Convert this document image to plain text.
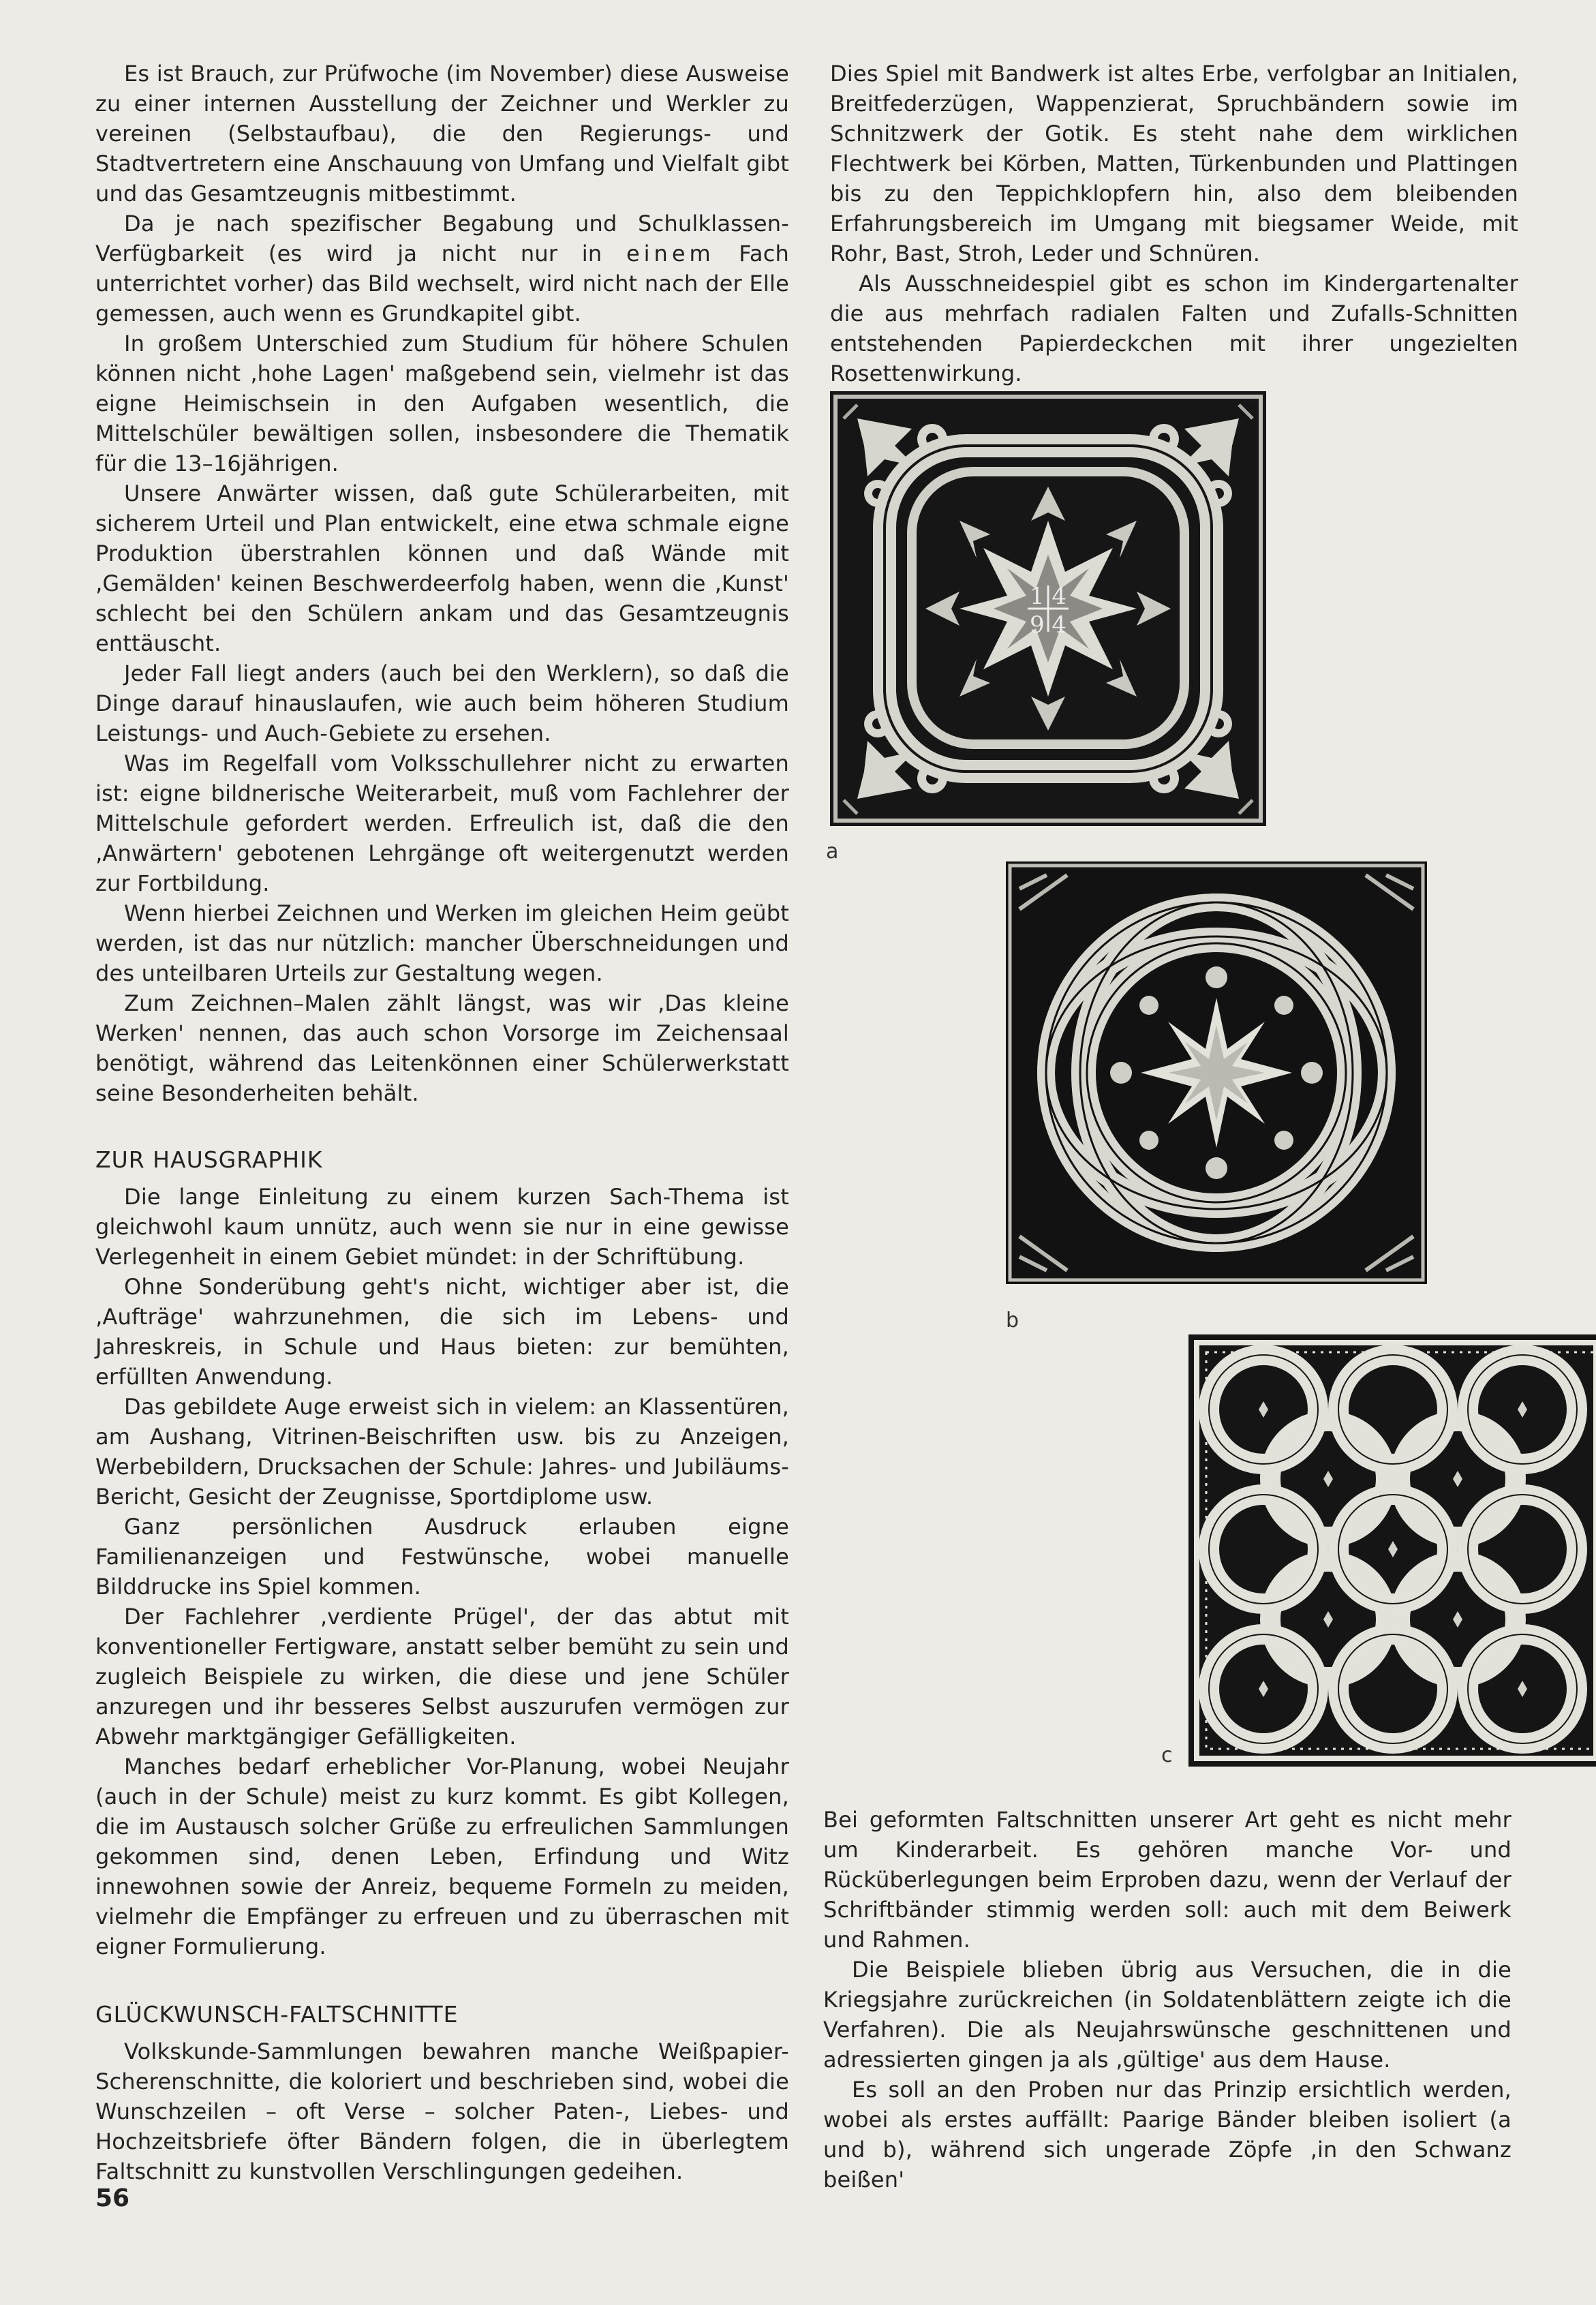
Es ist Brauch, zur Prüfwoche (im November) diese Ausweise zu einer internen Ausstellung der Zeichner und Werkler zu vereinen (Selbstaufbau), die den Regierungs- und Stadtvertretern eine Anschauung von Umfang und Vielfalt gibt und das Gesamtzeugnis mitbestimmt.

Da je nach spezifischer Begabung und Schulklassen-Verfügbarkeit (es wird ja nicht nur in einem Fach unterrichtet vorher) das Bild wechselt, wird nicht nach der Elle gemessen, auch wenn es Grundkapitel gibt.

In großem Unterschied zum Studium für höhere Schulen können nicht ‚hohe Lagen' maßgebend sein, vielmehr ist das eigne Heimischsein in den Aufgaben wesentlich, die Mittelschüler bewältigen sollen, insbesondere die Thematik für die 13–16jährigen.

Unsere Anwärter wissen, daß gute Schülerarbeiten, mit sicherem Urteil und Plan entwickelt, eine etwa schmale eigne Produktion überstrahlen können und daß Wände mit ‚Gemälden' keinen Beschwerdeerfolg haben, wenn die ‚Kunst' schlecht bei den Schülern ankam und das Gesamtzeugnis enttäuscht.

Jeder Fall liegt anders (auch bei den Werklern), so daß die Dinge darauf hinauslaufen, wie auch beim höheren Studium Leistungs- und Auch-Gebiete zu ersehen.

Was im Regelfall vom Volksschullehrer nicht zu erwarten ist: eigne bildnerische Weiterarbeit, muß vom Fachlehrer der Mittelschule gefordert werden. Erfreulich ist, daß die den ‚Anwärtern' gebotenen Lehrgänge oft weitergenutzt werden zur Fortbildung.

Wenn hierbei Zeichnen und Werken im gleichen Heim geübt werden, ist das nur nützlich: mancher Überschneidungen und des unteilbaren Urteils zur Gestaltung wegen.

Zum Zeichnen–Malen zählt längst, was wir ‚Das kleine Werken' nennen, das auch schon Vorsorge im Zeichensaal benötigt, während das Leitenkönnen einer Schülerwerkstatt seine Besonderheiten behält.

ZUR HAUSGRAPHIK

Die lange Einleitung zu einem kurzen Sach-Thema ist gleichwohl kaum unnütz, auch wenn sie nur in eine gewisse Verlegenheit in einem Gebiet mündet: in der Schriftübung.

Ohne Sonderübung geht's nicht, wichtiger aber ist, die ‚Aufträge' wahrzunehmen, die sich im Lebens- und Jahreskreis, in Schule und Haus bieten: zur bemühten, erfüllten Anwendung.

Das gebildete Auge erweist sich in vielem: an Klassentüren, am Aushang, Vitrinen-Beischriften usw. bis zu Anzeigen, Werbebildern, Drucksachen der Schule: Jahres- und Jubiläums-Bericht, Gesicht der Zeugnisse, Sportdiplome usw.

Ganz persönlichen Ausdruck erlauben eigne Familienanzeigen und Festwünsche, wobei manuelle Bilddrucke ins Spiel kommen.

Der Fachlehrer ‚verdiente Prügel', der das abtut mit konventioneller Fertigware, anstatt selber bemüht zu sein und zugleich Beispiele zu wirken, die diese und jene Schüler anzuregen und ihr besseres Selbst auszurufen vermögen zur Abwehr marktgängiger Gefälligkeiten.

Manches bedarf erheblicher Vor-Planung, wobei Neujahr (auch in der Schule) meist zu kurz kommt. Es gibt Kollegen, die im Austausch solcher Grüße zu erfreulichen Sammlungen gekommen sind, denen Leben, Erfindung und Witz innewohnen sowie der Anreiz, bequeme Formeln zu meiden, vielmehr die Empfänger zu erfreuen und zu überraschen mit eigner Formulierung.

GLÜCKWUNSCH-FALTSCHNITTE

Volkskunde-Sammlungen bewahren manche Weißpapier-Scherenschnitte, die koloriert und beschrieben sind, wobei die Wunschzeilen – oft Verse – solcher Paten-, Liebes- und Hochzeitsbriefe öfter Bändern folgen, die in überlegtem Faltschnitt zu kunstvollen Verschlingungen gedeihen.

Dies Spiel mit Bandwerk ist altes Erbe, verfolgbar an Initialen, Breitfederzügen, Wappenzierat, Spruchbändern sowie im Schnitzwerk der Gotik. Es steht nahe dem wirklichen Flechtwerk bei Körben, Matten, Türkenbunden und Plattingen bis zu den Teppichklopfern hin, also dem bleibenden Erfahrungsbereich im Umgang mit biegsamer Weide, mit Rohr, Bast, Stroh, Leder und Schnüren.

Als Ausschneidespiel gibt es schon im Kindergartenalter die aus mehrfach radialen Falten und Zufalls-Schnitten entstehenden Papierdeckchen mit ihrer ungezielten Rosettenwirkung.

1 4
9 4
a
b
c

Bei geformten Faltschnitten unserer Art geht es nicht mehr um Kinderarbeit. Es gehören manche Vor- und Rücküberlegungen beim Erproben dazu, wenn der Verlauf der Schriftbänder stimmig werden soll: auch mit dem Beiwerk und Rahmen.

Die Beispiele blieben übrig aus Versuchen, die in die Kriegsjahre zurückreichen (in Soldatenblättern zeigte ich die Verfahren). Die als Neujahrswünsche geschnittenen und adressierten gingen ja als ‚gültige' aus dem Hause.

Es soll an den Proben nur das Prinzip ersichtlich werden, wobei als erstes auffällt: Paarige Bänder bleiben isoliert (a und b), während sich ungerade Zöpfe ‚in den Schwanz beißen'

56
